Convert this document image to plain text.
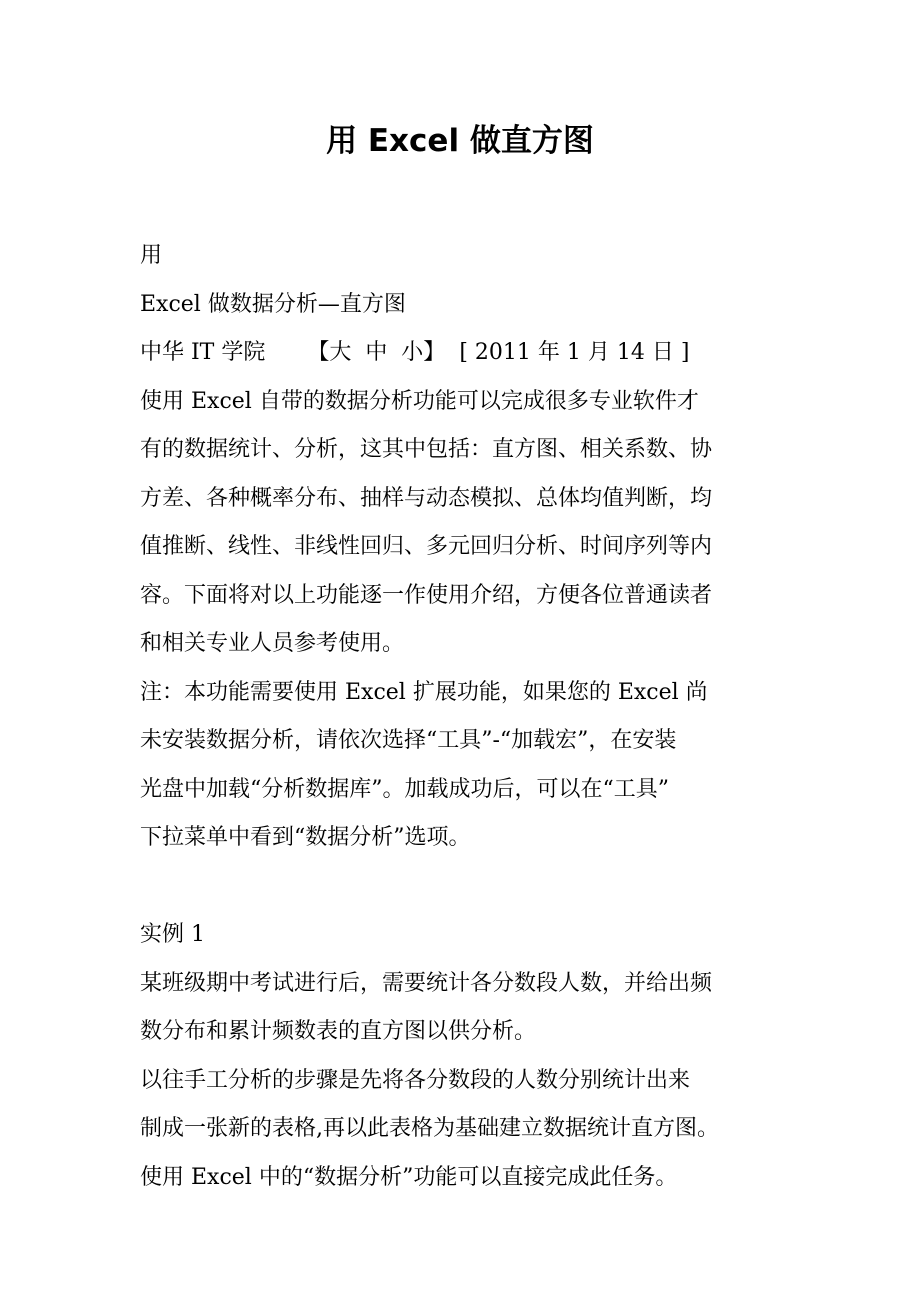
用 Excel 做直方图

用

Excel 做数据分析—直方图

中华 IT 学院 【大  中  小】 [ 2011 年 1 月 14 日 ]

使用 Excel 自带的数据分析功能可以完成很多专业软件才

有的数据统计、分析，这其中包括：直方图、相关系数、协

方差、各种概率分布、抽样与动态模拟、总体均值判断，均

值推断、线性、非线性回归、多元回归分析、时间序列等内

容。下面将对以上功能逐一作使用介绍，方便各位普通读者

和相关专业人员参考使用。

注：本功能需要使用 Excel 扩展功能，如果您的 Excel 尚

未安装数据分析，请依次选择“工具”-“加载宏”，在安装

光盘中加载“分析数据库”。加载成功后，可以在“工具”

下拉菜单中看到“数据分析”选项。

实例 1

某班级期中考试进行后，需要统计各分数段人数，并给出频

数分布和累计频数表的直方图以供分析。

以往手工分析的步骤是先将各分数段的人数分别统计出来

制成一张新的表格,再以此表格为基础建立数据统计直方图。

使用 Excel 中的“数据分析”功能可以直接完成此任务。
